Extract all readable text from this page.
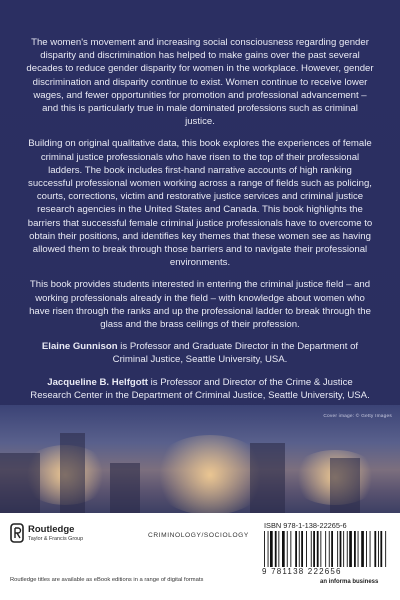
The women's movement and increasing social consciousness regarding gender disparity and discrimination has helped to make gains over the past several decades to reduce gender disparity for women in the workplace. However, gender discrimination and disparity continue to exist. Women continue to receive lower wages, and fewer opportunities for promotion and professional advancement – and this is particularly true in male dominated professions such as criminal justice.

Building on original qualitative data, this book explores the experiences of female criminal justice professionals who have risen to the top of their professional ladders. The book includes first-hand narrative accounts of high ranking successful professional women working across a range of fields such as policing, courts, corrections, victim and restorative justice services and criminal justice research agencies in the United States and Canada. This book highlights the barriers that successful female criminal justice professionals have to overcome to obtain their positions, and identifies key themes that these women see as having allowed them to break through those barriers and to navigate their professional environments.

This book provides students interested in entering the criminal justice field – and working professionals already in the field – with knowledge about women who have risen through the ranks and up the professional ladder to break through the glass and the brass ceilings of their profession.

Elaine Gunnison is Professor and Graduate Director in the Department of Criminal Justice, Seattle University, USA.

Jacqueline B. Helfgott is Professor and Director of the Crime & Justice Research Center in the Department of Criminal Justice, Seattle University, USA.

Cover image: © Getty Images
Routledge
Taylor & Francis Group	CRIMINOLOGY/SOCIOLOGY
Routledge titles are available as eBook editions in a range of digital formats
ISBN 978-1-138-22265-6
9 781138 222656
an informa business
